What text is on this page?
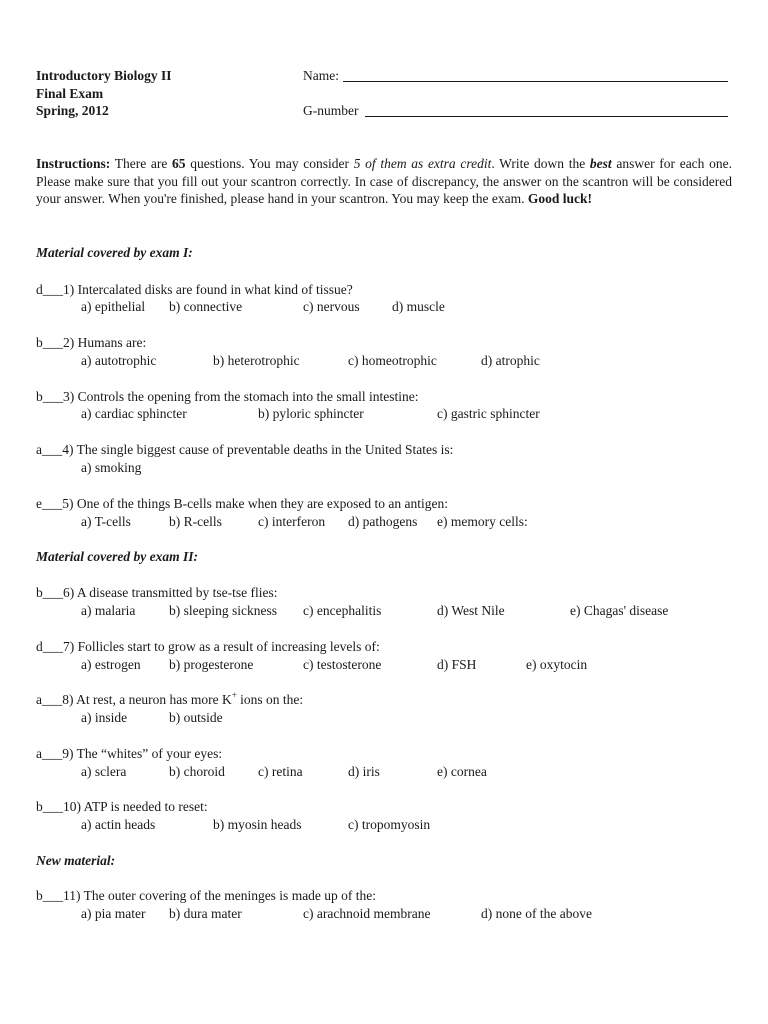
Introductory Biology II
Final Exam
Spring, 2012
Name:
G-number
Instructions: There are 65 questions. You may consider 5 of them as extra credit. Write down the best answer for each one. Please make sure that you fill out your scantron correctly. In case of discrepancy, the answer on the scantron will be considered your answer. When you're finished, please hand in your scantron. You may keep the exam. Good luck!
Material covered by exam I:
d___1) Intercalated disks are found in what kind of tissue?
a) epithelial b) connective	c) nervous d) muscle
b___2) Humans are:
a) autotrophic	b) heterotrophic	c) homeotrophic	d) atrophic
b___3) Controls the opening from the stomach into the small intestine:
a) cardiac sphincter	b) pyloric sphincter	c) gastric sphincter
a___4) The single biggest cause of preventable deaths in the United States is:
a) smoking
e___5) One of the things B-cells make when they are exposed to an antigen:
a) T-cells	b) R-cells	c) interferon d) pathogens e) memory cells:
Material covered by exam II:
b___6) A disease transmitted by tse-tse flies:
a) malaria b) sleeping sickness c) encephalitis	d) West Nile	e) Chagas' disease
d___7) Follicles start to grow as a result of increasing levels of:
a) estrogen b) progesterone	c) testosterone	d) FSH	e) oxytocin
a___8) At rest, a neuron has more K+ ions on the:
a) inside	b) outside
a___9) The “whites” of your eyes:
a) sclera	b) choroid c) retina	d) iris	e) cornea
b___10) ATP is needed to reset:
a) actin heads	b) myosin heads	c) tropomyosin
New material:
b___11) The outer covering of the meninges is made up of the:
a) pia mater b) dura mater	c) arachnoid membrane	d) none of the above
